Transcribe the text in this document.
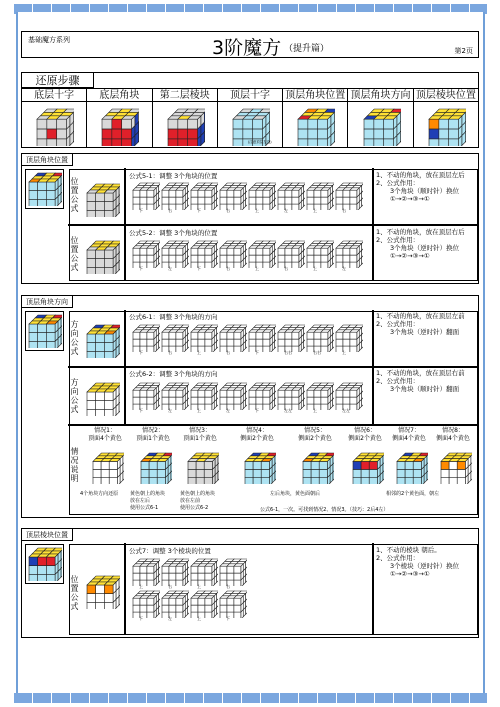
基础魔方系列	3阶魔方 （提升篇）	第2页
还原步骤
底层十字	底层角块	第二层棱块	顶层十字
(注意顶层左边)
顶层角块位置 顶层角块方向 顶层棱块位置
顶层角块位置
位置公式
位置公式
公式5-1：调整 3个角块的位置
公式5-2：调整 3个角块的位置
1、不动的角块，放在顶层左后
2、公式作用：
3个角块（顺时针）换位
①→②→③→①
1、不动的角块，放在顶层右后
2、公式作用：
3个角块（逆时针）换位
①→②→③→①
下	右	下	右	上	左	上	右
下	左	下	右	上	右	上	左
顶层角块方向
方向公式
方向公式
情况说明
公式6-1：调整 3个角块的方向
公式6-2：调整 3个角块的方向
1、不动的角块，放在顶层左前
2、公式作用：
3个角块（逆时针）翻面
1、不动的角块，放在顶层右前
2、公式作用：
3个角块（顺时针）翻面
下	右	上	右	下	右右	右右	上
下	左	上	左	下	左左	上	左左
情况1：
顶面4个黄色
情况2：
顶面1个黄色
情况3：
顶面1个黄色
情况4：
侧面2个黄色
情况5：
侧面2个黄色
情况6：
侧面2个黄色
情况7：
侧面4个黄色
情况8：
侧面4个黄色
4个角块方向还原	黄色朝上的角块
放在左后
使用公式6-1
黄色朝上的角块
放在左前
使用公式6-2
左后角块，黄色面朝后	相邻的2个黄色面，朝左
公式6-1，一次。可找到情况2、情况3。（技巧：2后4左）
顶层棱块位置
位置公式
公式7：调整 3个棱块的位置	1、不动的棱块 朝后。
2、公式作用：
3个棱块（逆时针）换位
①→②→③→①
上	右	上	右
下	左	上	下
